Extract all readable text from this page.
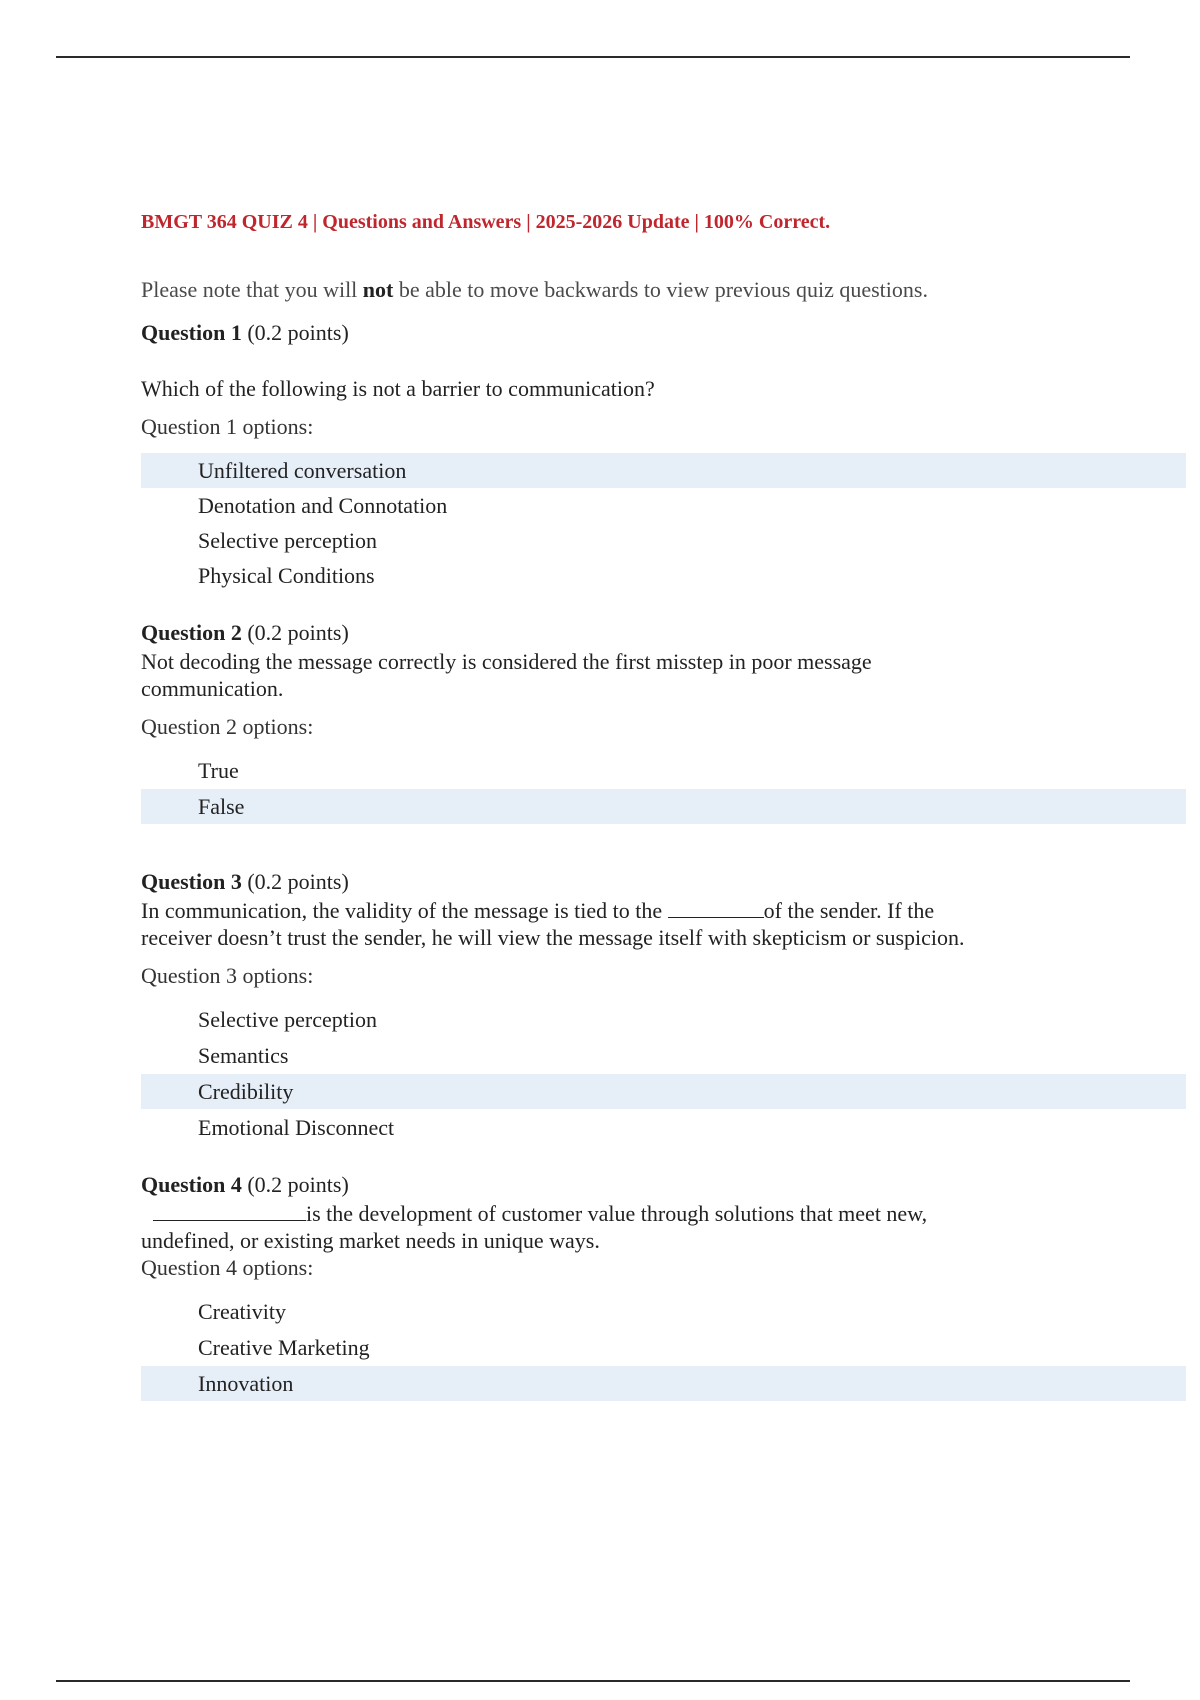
BMGT 364 QUIZ 4 | Questions and Answers | 2025-2026 Update | 100% Correct.
Please note that you will not be able to move backwards to view previous quiz questions.
Question 1 (0.2 points)
Which of the following is not a barrier to communication?
Question 1 options:
Unfiltered conversation
Denotation and Connotation
Selective perception
Physical Conditions
Question 2 (0.2 points)
Not decoding the message correctly is considered the first misstep in poor message
communication.
Question 2 options:
True
False
Question 3 (0.2 points)
In communication, the validity of the message is tied to the	of the sender. If the
receiver doesn’t trust the sender, he will view the message itself with skepticism or suspicion.
Question 3 options:
Selective perception
Semantics
Credibility
Emotional Disconnect
Question 4 (0.2 points)
is the development of customer value through solutions that meet new,
undefined, or existing market needs in unique ways.
Question 4 options:
Creativity
Creative Marketing
Innovation
